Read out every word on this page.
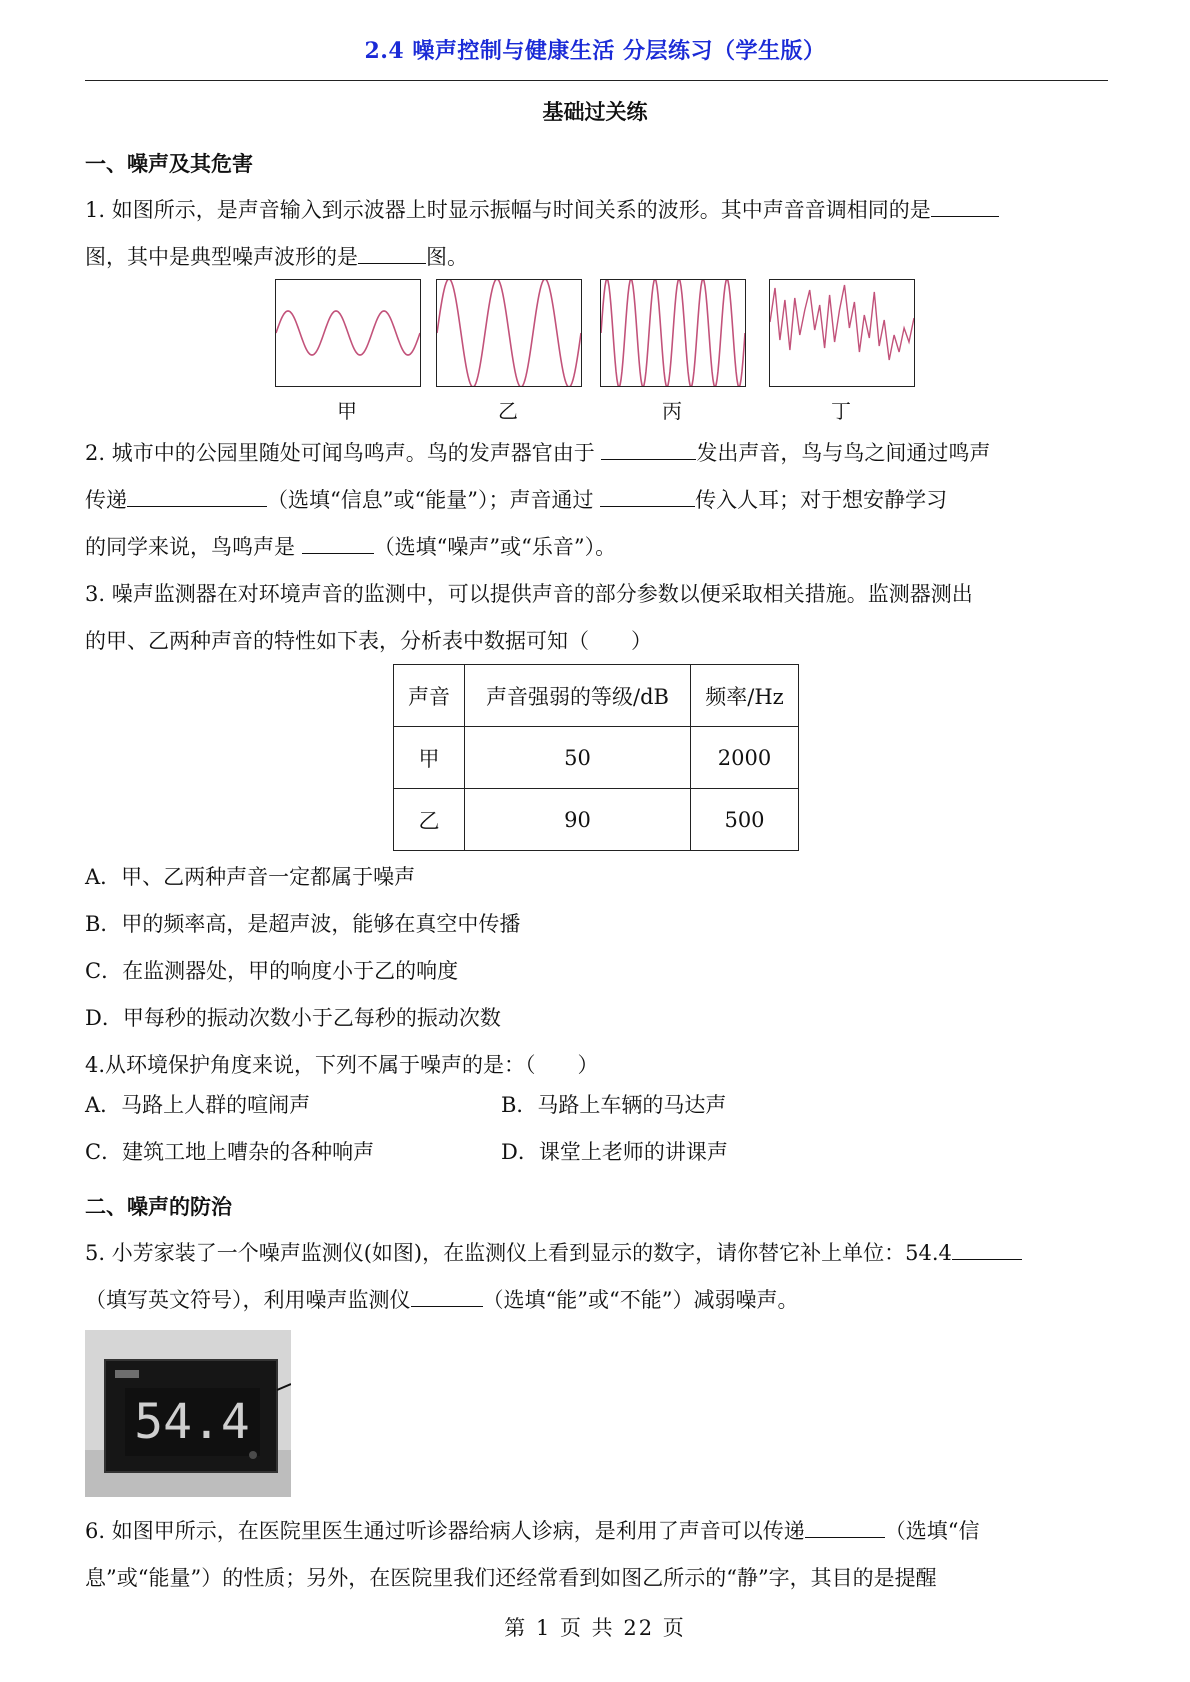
2.4 噪声控制与健康生活 分层练习（学生版）
基础过关练

一、噪声及其危害

1. 如图所示，是声音输入到示波器上时显示振幅与时间关系的波形。其中声音音调相同的是

图，其中是典型噪声波形的是	图。

甲	乙	丙	丁

2. 城市中的公园里随处可闻鸟鸣声。鸟的发声器官由于	发出声音，鸟与鸟之间通过鸣声

传递	（选填“信息”或“能量”）；声音通过	传入人耳；对于想安静学习

的同学来说，鸟鸣声是	（选填“噪声”或“乐音”）。

3. 噪声监测器在对环境声音的监测中，可以提供声音的部分参数以便采取相关措施。监测器测出

的甲、乙两种声音的特性如下表，分析表中数据可知（　　）

声音	声音强弱的等级/dB	频率/Hz
甲	50	2000
乙	90	500

A．甲、乙两种声音一定都属于噪声

B．甲的频率高，是超声波，能够在真空中传播

C．在监测器处，甲的响度小于乙的响度

D．甲每秒的振动次数小于乙每秒的振动次数

4.从环境保护角度来说，下列不属于噪声的是：（　　）

A．马路上人群的喧闹声	B．马路上车辆的马达声
C．建筑工地上嘈杂的各种响声	D．课堂上老师的讲课声

二、噪声的防治

5. 小芳家装了一个噪声监测仪(如图)，在监测仪上看到显示的数字，请你替它补上单位：54.4

（填写英文符号），利用噪声监测仪	（选填“能”或“不能”）减弱噪声。

54.4

6. 如图甲所示，在医院里医生通过听诊器给病人诊病，是利用了声音可以传递	（选填“信

息”或“能量”）的性质；另外，在医院里我们还经常看到如图乙所示的“静”字，其目的是提醒

第 1 页 共 22 页
